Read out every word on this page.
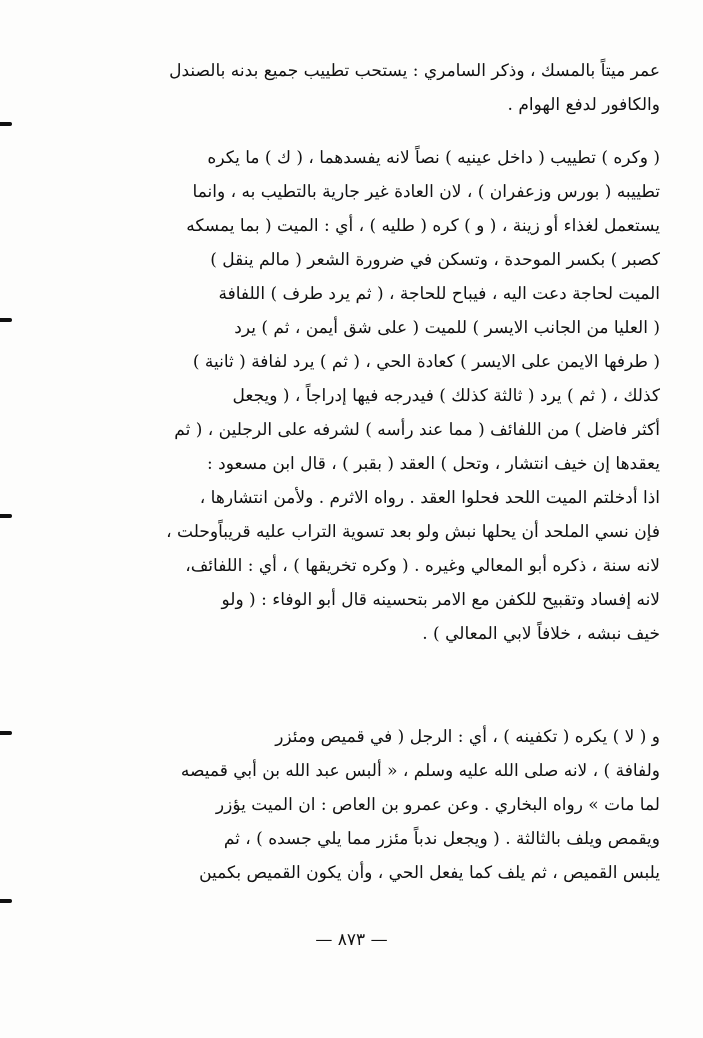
عمر ميتاً بالمسك ، وذكر السامري : يستحب تطييب جميع بدنه بالصندل
والكافور لدفع الهوام .
( وكره ) تطييب ( داخل عينيه ) نصاً لانه يفسدهما ، ( ك ) ما يكره
تطييبه ( بورس وزعفران ) ، لان العادة غير جارية بالتطيب به ، وانما
يستعمل لغذاء أو زينة ، ( و ) كره ( طليه ) ، أي : الميت ( بما يمسكه
كصبر ) بكسر الموحدة ، وتسكن في ضرورة الشعر ( مالم ينقل )
الميت لحاجة دعت اليه ، فيباح للحاجة ، ( ثم يرد طرف ) اللفافة
( العليا من الجانب الايسر ) للميت ( على شق أيمن ، ثم ) يرد
( طرفها الايمن على الايسر ) كعادة الحي ، ( ثم ) يرد لفافة ( ثانية )
كذلك ، ( ثم ) يرد ( ثالثة كذلك ) فيدرجه فيها إدراجاً ، ( ويجعل
أكثر فاضل ) من اللفائف ( مما عند رأسه ) لشرفه على الرجلين ، ( ثم
يعقدها إن خيف انتشار ، وتحل ) العقد ( بقبر ) ، قال ابن مسعود :
اذا أدخلتم الميت اللحد فحلوا العقد . رواه الاثرم . ولأمن انتشارها ،
فإن نسي الملحد أن يحلها نبش ولو بعد تسوية التراب عليه قريباًوحلت ،
لانه سنة ، ذكره أبو المعالي وغيره . ( وكره تخريقها ) ، أي : اللفائف،
لانه إفساد وتقبيح للكفن مع الامر بتحسينه قال أبو الوفاء : ( ولو
خيف نبشه ، خلافاً لابي المعالي ) .
و ( لا ) يكره ( تكفينه ) ، أي : الرجل ( في قميص ومئزر
ولفافة ) ، لانه صلى الله عليه وسلم ، « ألبس عبد الله بن أبي قميصه
لما مات » رواه البخاري . وعن عمرو بن العاص : ان الميت يؤزر
ويقمص ويلف بالثالثة . ( ويجعل ندباً مئزر مما يلي جسده ) ، ثم
يلبس القميص ، ثم يلف كما يفعل الحي ، وأن يكون القميص بكمين
— ٨٧٣ —
